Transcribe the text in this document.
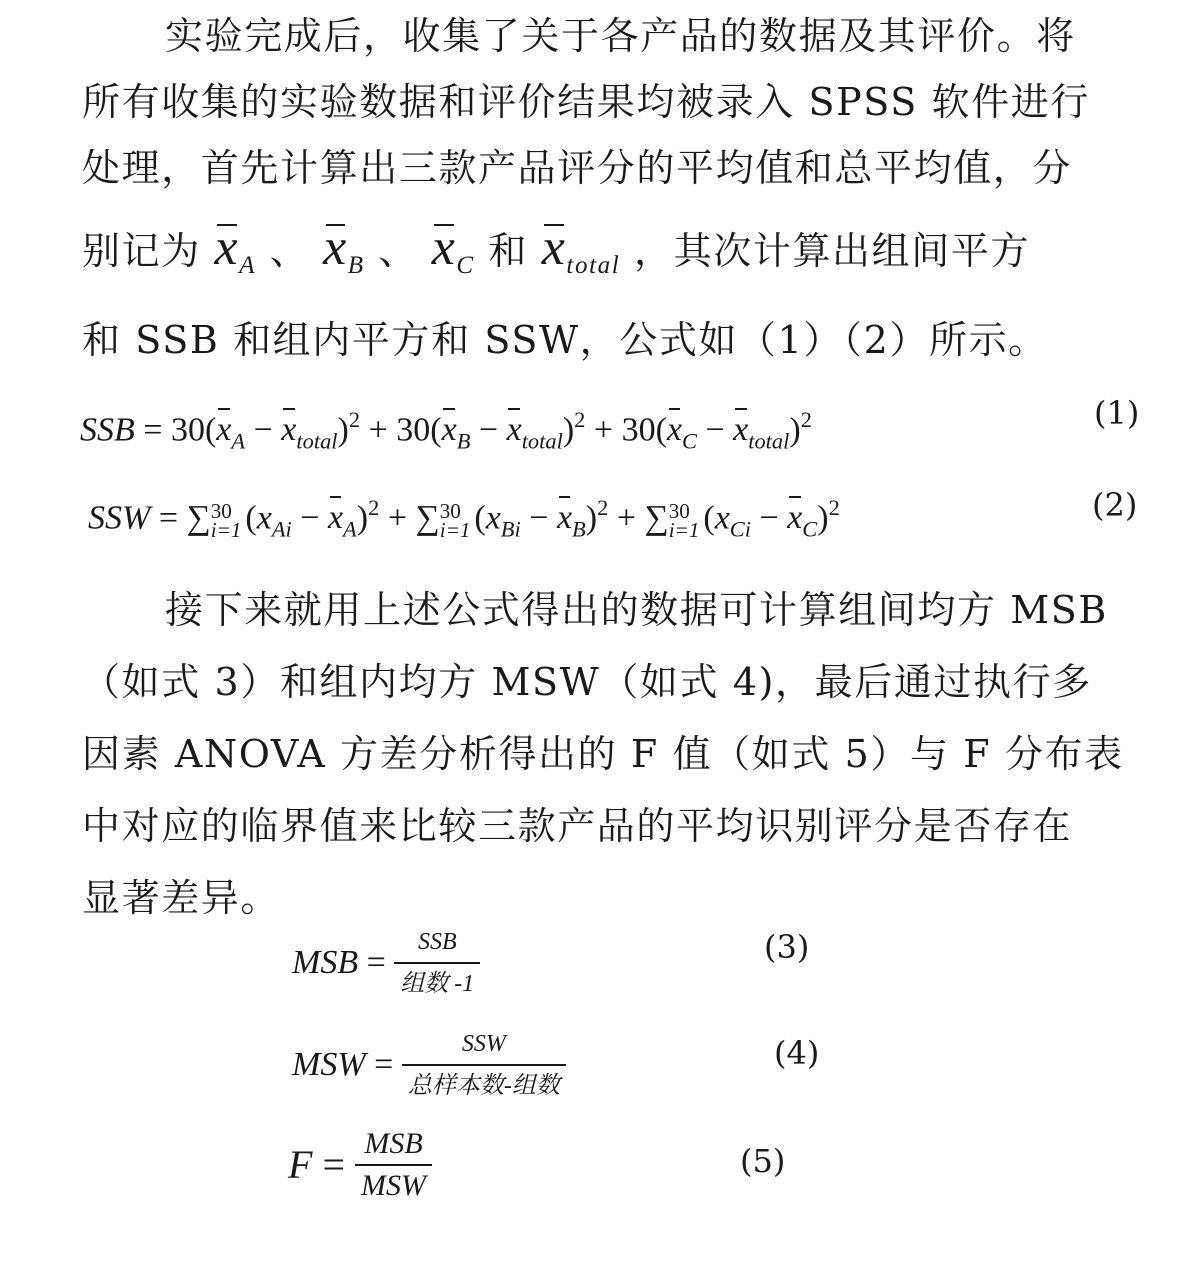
实验完成后，收集了关于各产品的数据及其评价。将
所有收集的实验数据和评价结果均被录入 SPSS 软件进行
处理，首先计算出三款产品评分的平均值和总平均值，分
别记为 $x_A$ 、 $x_B$ 、 $x_C$ 和 $x_{total}$ ，其次计算出组间平方
和 SSB 和组内平方和 SSW，公式如（1）（2）所示。
SSB = $30(x_A - x_{total})^2 + 30(x_B - x_{total})^2 + 30(x_C - x_{total})^2$	(1)
SSW = ∑ 30
i=1 $(x_{Ai} - x_A)^2$ + ∑ 30
i=1 $(x_{Bi} - x_B)^2$ + ∑ 30
i=1 $(x_{Ci} - x_C)^2$	(2)
接下来就用上述公式得出的数据可计算组间均方 MSB
（如式 3）和组内均方 MSW（如式 4)，最后通过执行多
因素 ANOVA 方差分析得出的 F 值（如式 5）与 F 分布表
中对应的临界值来比较三款产品的平均识别评分是否存在
显著差异。
MSB = $\frac{\text{SSB}}{\text{组数 -1}}$	(3)
MSW = $\frac{\text{SSW}}{\text{总样本数-组数}}$	(4)
$F = \frac{\text{MSB}}{\text{MSW}}$	(5)
